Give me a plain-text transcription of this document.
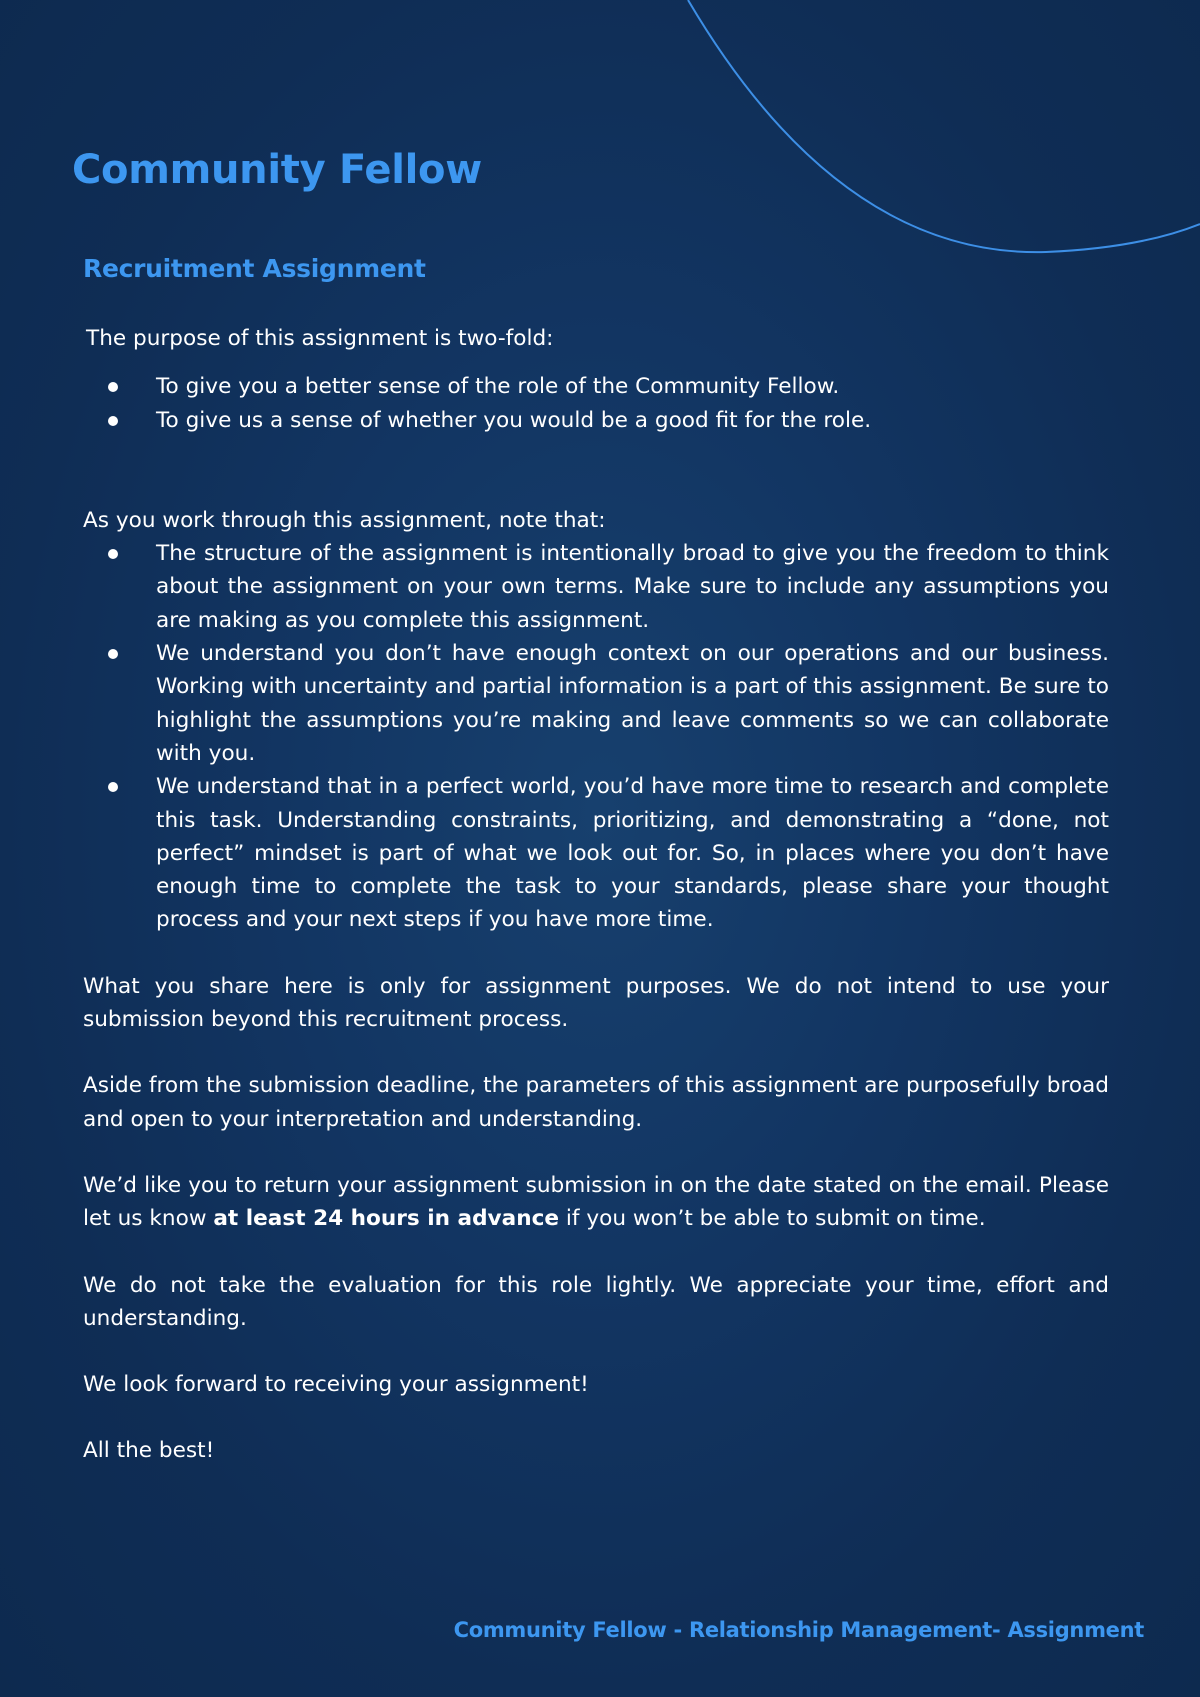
Community Fellow
Recruitment Assignment

The purpose of this assignment is two-fold:

To give you a better sense of the role of the Community Fellow.
To give us a sense of whether you would be a good fit for the role.

As you work through this assignment, note that:

The structure of the assignment is intentionally broad to give you the freedom to think about the assignment on your own terms. Make sure to include any assumptions you are making as you complete this assignment.
We understand you don’t have enough context on our operations and our business. Working with uncertainty and partial information is a part of this assignment. Be sure to highlight the assumptions you’re making and leave comments so we can collaborate with you.
We understand that in a perfect world, you’d have more time to research and complete this task. Understanding constraints, prioritizing, and demonstrating a “done, not perfect” mindset is part of what we look out for. So, in places where you don’t have enough time to complete the task to your standards, please share your thought process and your next steps if you have more time.

What you share here is only for assignment purposes. We do not intend to use your submission beyond this recruitment process.

Aside from the submission deadline, the parameters of this assignment are purposefully broad and open to your interpretation and understanding.

We’d like you to return your assignment submission in on the date stated on the email. Please let us know at least 24 hours in advance if you won’t be able to submit on time.

We do not take the evaluation for this role lightly. We appreciate your time, effort and understanding.

We look forward to receiving your assignment!

All the best!

Community Fellow - Relationship Management- Assignment
